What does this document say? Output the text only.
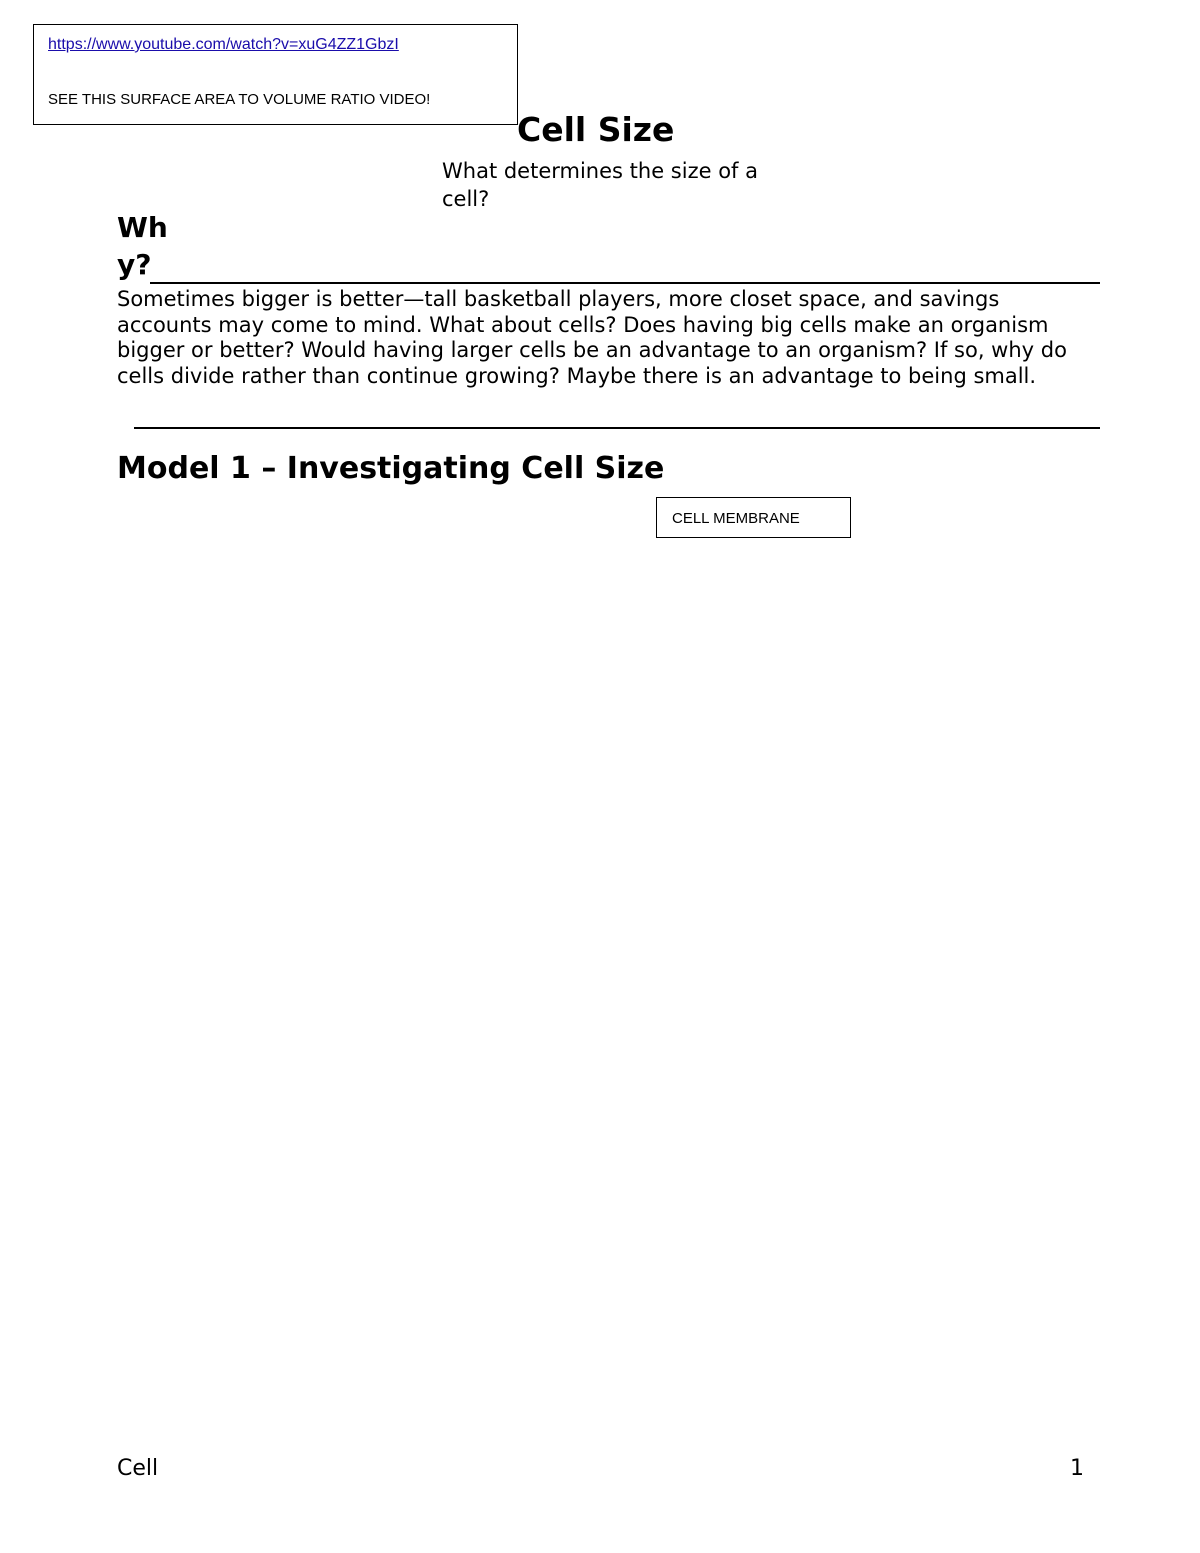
https://www.youtube.com/watch?v=xuG4ZZ1GbzI
SEE THIS SURFACE AREA TO VOLUME RATIO VIDEO!
Cell Size
What determines the size of a cell?
Why?
Sometimes bigger is better—tall basketball players, more closet space, and savings accounts may come to mind. What about cells? Does having big cells make an organism bigger or better? Would having larger cells be an advantage to an organism? If so, why do cells divide rather than continue growing? Maybe there is an advantage to being small.
Model 1 – Investigating Cell Size
CELL MEMBRANE
Cell	1
